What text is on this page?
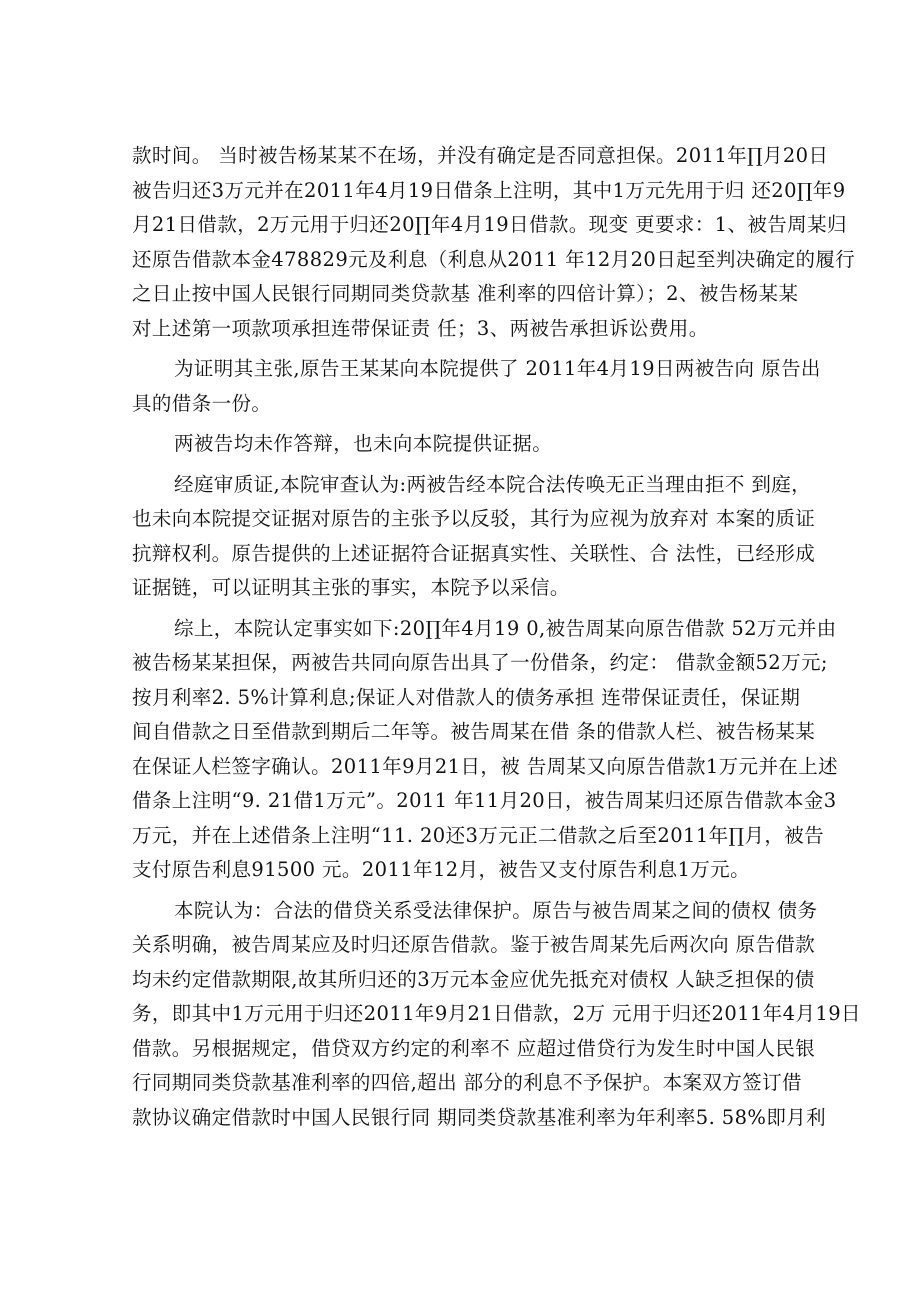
款时间。 当时被告杨某某不在场，并没有确定是否同意担保。2011年∏月20日
被告归还3万元并在2011年4月19日借条上注明，其中1万元先用于归 还20∏年9
月21日借款，2万元用于归还20∏年4月19日借款。现变 更要求：1、被告周某归
还原告借款本金478829元及利息（利息从2011 年12月20日起至判决确定的履行
之日止按中国人民银行同期同类贷款基 准利率的四倍计算）；2、被告杨某某
对上述第一项款项承担连带保证责 任；3、两被告承担诉讼费用。
为证明其主张,原告王某某向本院提供了 2011年4月19日两被告向 原告出
具的借条一份。
两被告均未作答辩，也未向本院提供证据。
经庭审质证,本院审查认为:两被告经本院合法传唤无正当理由拒不 到庭，
也未向本院提交证据对原告的主张予以反驳，其行为应视为放弃对 本案的质证
抗辩权利。原告提供的上述证据符合证据真实性、关联性、合 法性，已经形成
证据链，可以证明其主张的事实，本院予以采信。
综上，本院认定事实如下:20∏年4月19 0,被告周某向原告借款 52万元并由
被告杨某某担保，两被告共同向原告出具了一份借条，约定： 借款金额52万元;
按月利率2. 5%计算利息;保证人对借款人的债务承担 连带保证责任，保证期
间自借款之日至借款到期后二年等。被告周某在借 条的借款人栏、被告杨某某
在保证人栏签字确认。2011年9月21日，被 告周某又向原告借款1万元并在上述
借条上注明“9. 21借1万元”。2011 年11月20日，被告周某归还原告借款本金3
万元，并在上述借条上注明“11. 20还3万元正二借款之后至2011年∏月，被告
支付原告利息91500 元。2011年12月，被告又支付原告利息1万元。
本院认为：合法的借贷关系受法律保护。原告与被告周某之间的债权 债务
关系明确，被告周某应及时归还原告借款。鉴于被告周某先后两次向 原告借款
均未约定借款期限,故其所归还的3万元本金应优先抵充对债权 人缺乏担保的债
务，即其中1万元用于归还2011年9月21日借款，2万 元用于归还2011年4月19日
借款。另根据规定，借贷双方约定的利率不 应超过借贷行为发生时中国人民银
行同期同类贷款基准利率的四倍,超出 部分的利息不予保护。本案双方签订借
款协议确定借款时中国人民银行同 期同类贷款基准利率为年利率5. 58%即月利
